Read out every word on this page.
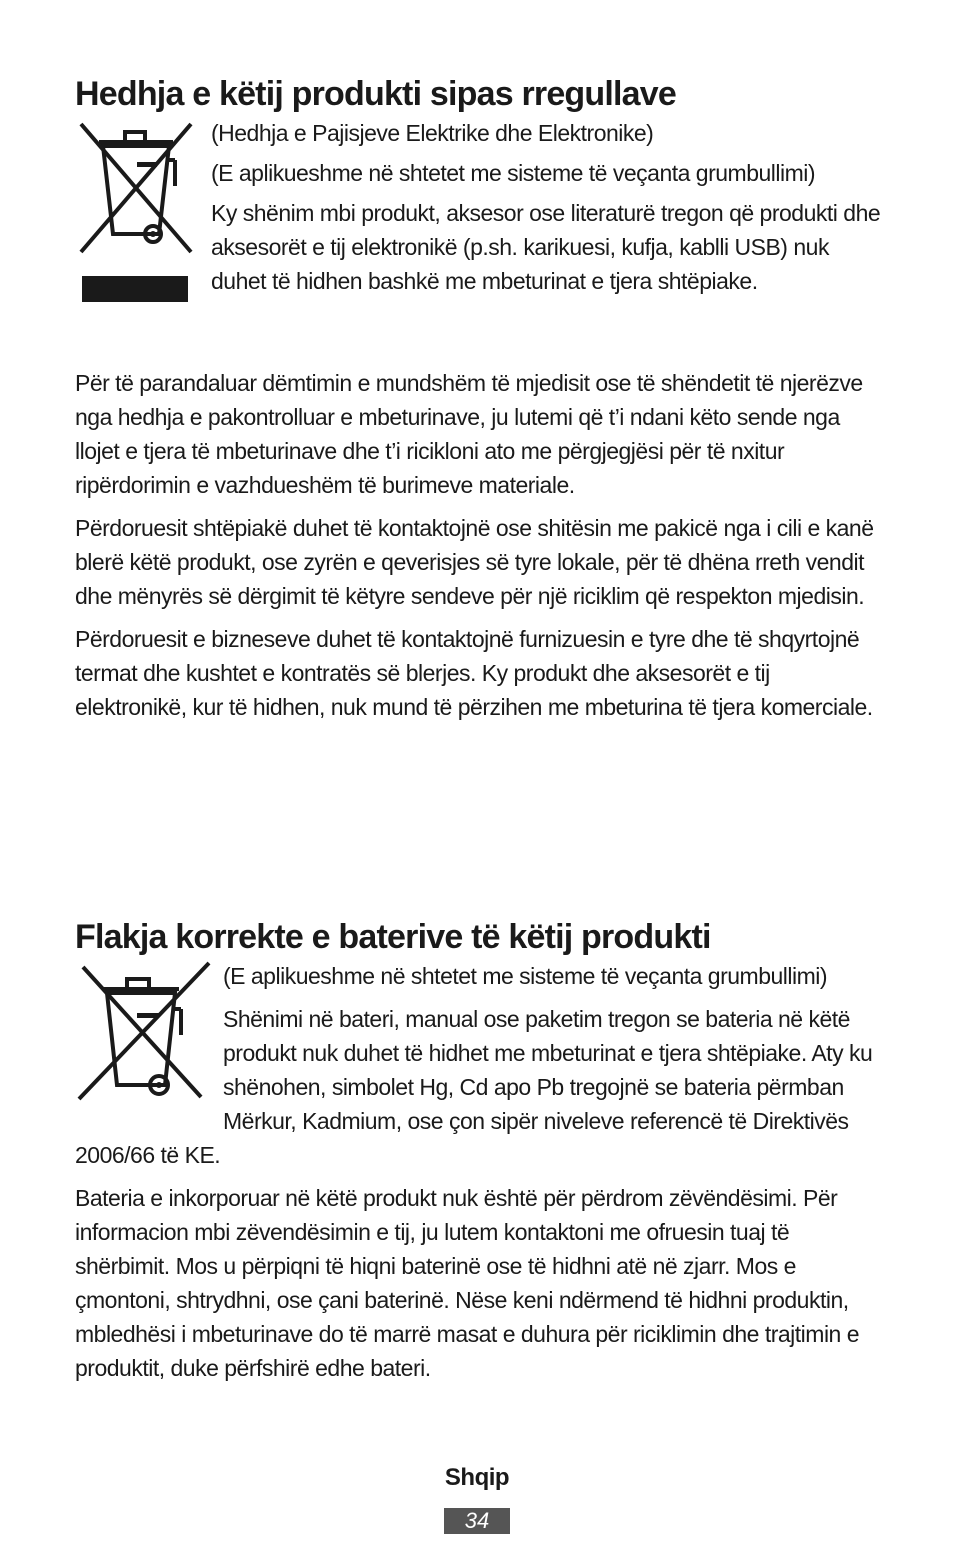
Hedhja e këtij produkti sipas rregullave

(Hedhja e Pajisjeve Elektrike dhe Elektronike)

(E aplikueshme në shtetet me sisteme të veçanta grumbullimi)

Ky shënim mbi produkt, aksesor ose literaturë tregon që produkti dhe aksesorët e tij elektronikë (p.sh. karikuesi, kufja, kablli USB) nuk duhet të hidhen bashkë me mbeturinat e tjera shtëpiake.

Për të parandaluar dëmtimin e mundshëm të mjedisit ose të shëndetit të njerëzve nga hedhja e pakontrolluar e mbeturinave, ju lutemi që t’i ndani këto sende nga llojet e tjera të mbeturinave dhe t’i ricikloni ato me përgjegjësi për të nxitur ripërdorimin e vazhdueshëm të burimeve materiale.

Përdoruesit shtëpiakë duhet të kontaktojnë ose shitësin me pakicë nga i cili e kanë blerë këtë produkt, ose zyrën e qeverisjes së tyre lokale, për të dhëna rreth vendit dhe mënyrës së dërgimit të këtyre sendeve për një riciklim që respekton mjedisin.

Përdoruesit e bizneseve duhet të kontaktojnë furnizuesin e tyre dhe të shqyrtojnë termat dhe kushtet e kontratës së blerjes. Ky produkt dhe aksesorët e tij elektronikë, kur të hidhen, nuk mund të përzihen me mbeturina të tjera komerciale.

Flakja korrekte e baterive të këtij produkti

(E aplikueshme në shtetet me sisteme të veçanta grumbullimi)

Shënimi në bateri, manual ose paketim tregon se bateria në këtë produkt nuk duhet të hidhet me mbeturinat e tjera shtëpiake. Aty ku shënohen, simbolet Hg, Cd apo Pb tregojnë se bateria përmban Mërkur, Kadmium, ose çon sipër niveleve referencë të Direktivës 2006/66 të KE.

Bateria e inkorporuar në këtë produkt nuk është për përdrom zëvëndësimi. Për informacion mbi zëvendësimin e tij, ju lutem kontaktoni me ofruesin tuaj të shërbimit. Mos u përpiqni të hiqni baterinë ose të hidhni atë në zjarr. Mos e çmontoni, shtrydhni, ose çani baterinë. Nëse keni ndërmend të hidhni produktin, mbledhësi i mbeturinave do të marrë masat e duhura për riciklimin dhe trajtimin e produktit, duke përfshirë edhe bateri.

Shqip
34
